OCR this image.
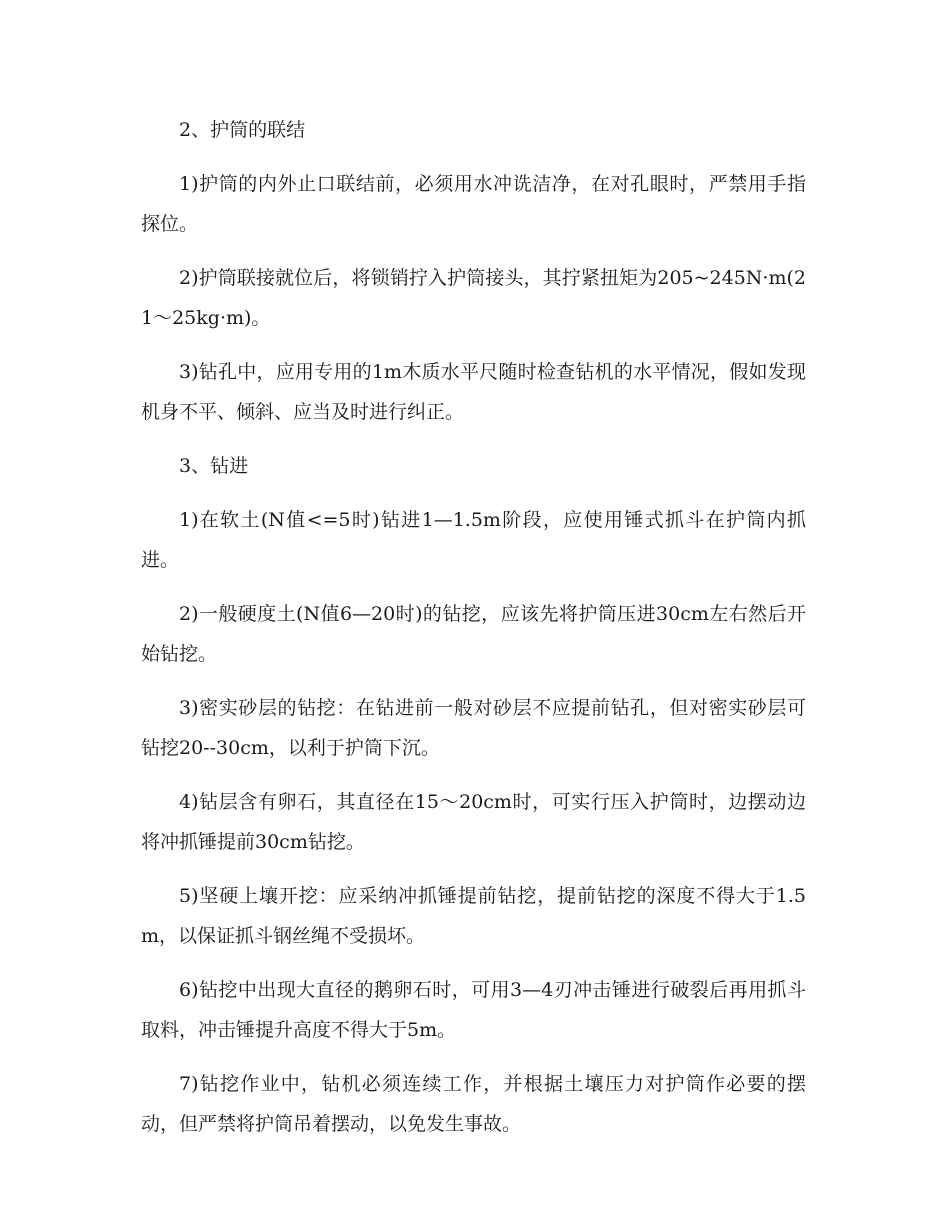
2、护筒的联结

1)护筒的内外止口联结前，必须用水冲诜洁净，在对孔眼时，严禁用手指探位。

2)护筒联接就位后，将锁销拧入护筒接头，其拧紧扭矩为205~245N·m(21～25kg·m)。

3)钻孔中，应用专用的1m木质水平尺随时检查钻机的水平情况，假如发现机身不平、倾斜、应当及时进行纠正。

3、钻进

1)在软土(N值<=5时)钻进1—1.5m阶段，应使用锤式抓斗在护筒内抓进。

2)一般硬度土(N值6—20时)的钻挖，应该先将护筒压进30cm左右然后开始钻挖。

3)密实砂层的钻挖：在钻进前一般对砂层不应提前钻孔，但对密实砂层可钻挖20--30cm，以利于护筒下沉。

4)钻层含有卵石，其直径在15～20cm时，可实行压入护筒时，边摆动边将冲抓锤提前30cm钻挖。

5)坚硬上壤开挖：应采纳冲抓锤提前钻挖，提前钻挖的深度不得大于1.5m，以保证抓斗钢丝绳不受损坏。

6)钻挖中出现大直径的鹅卵石时，可用3—4刃冲击锤进行破裂后再用抓斗取料，冲击锤提升高度不得大于5m。

7)钻挖作业中，钻机必须连续工作，并根据土壤压力对护筒作必要的摆动，但严禁将护筒吊着摆动，以免发生事故。
